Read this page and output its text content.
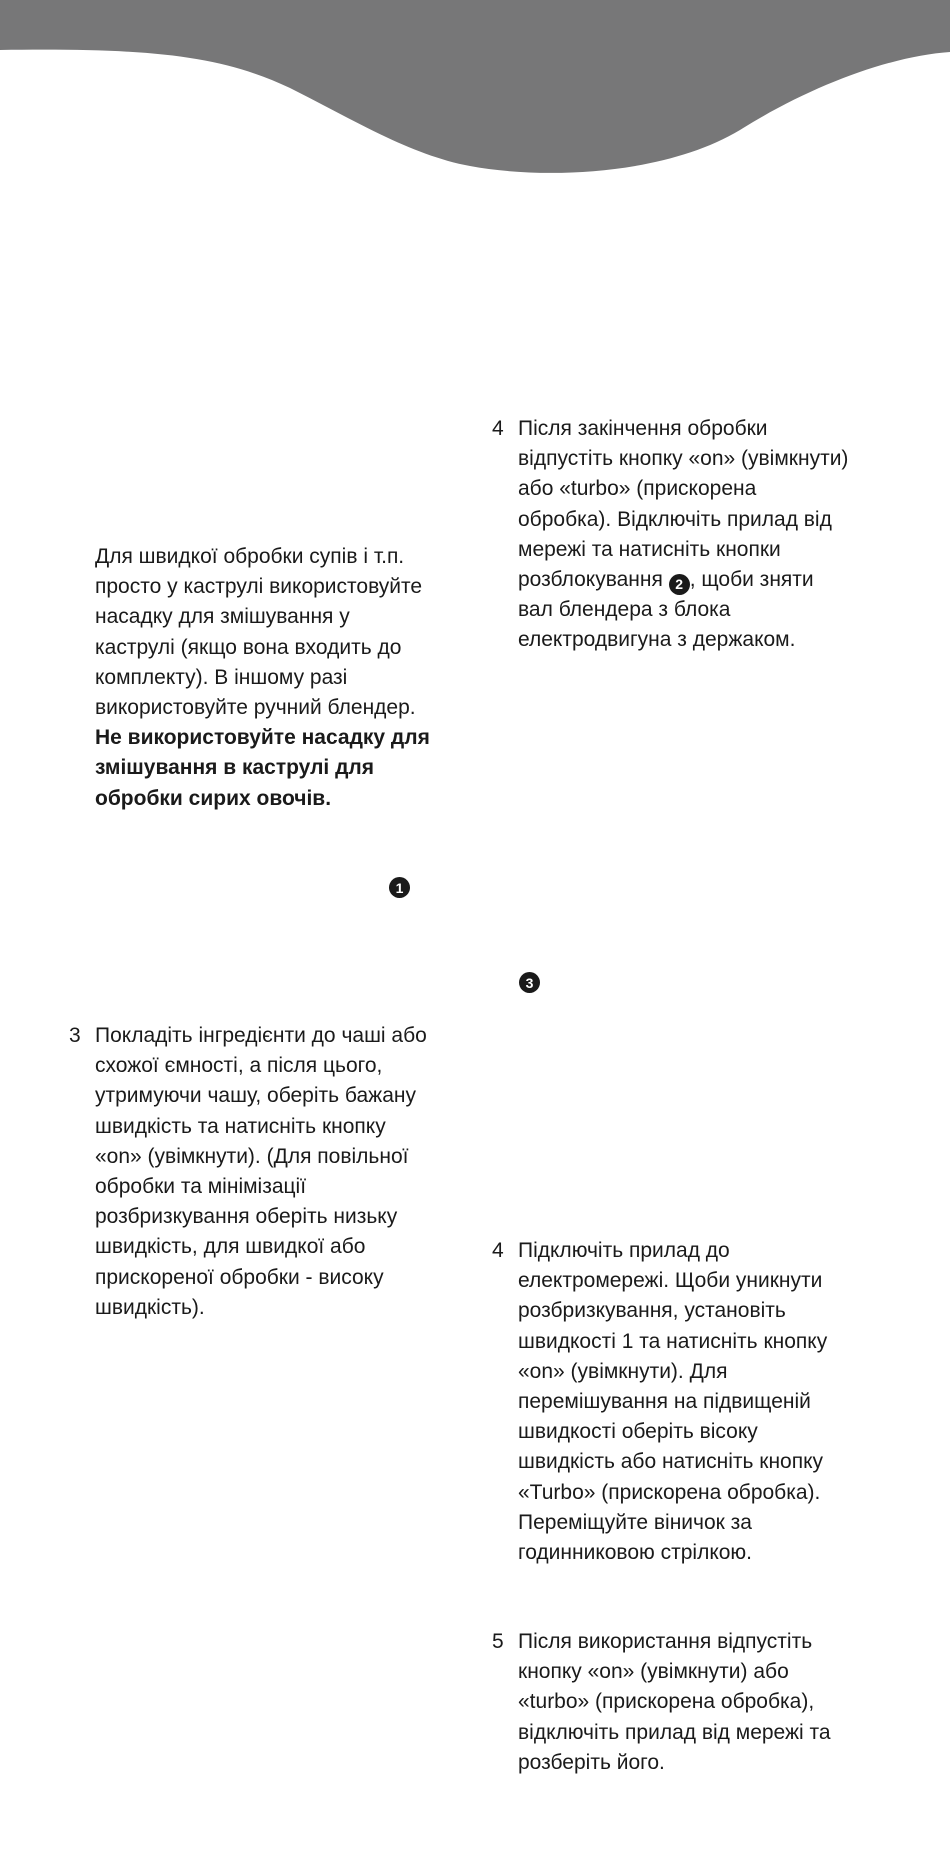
Для швидкої обробки супів і т.п.
просто у каструлі використовуйте
насадку для змішування у
каструлі (якщо вона входить до
комплекту). В іншому разі
використовуйте ручний блендер.
Не використовуйте насадку для
змішування в каструлі для
обробки сирих овочів.
1
3
3 Покладіть інгредієнти до чаші або
схожої ємності, а після цього,
утримуючи чашу, оберіть бажану
швидкість та натисніть кнопку
«on» (увімкнути). (Для повільної
обробки та мінімізації
розбризкування оберіть низьку
швидкість, для швидкої або
прискореної обробки - високу
швидкість).
4 Після закінчення обробки
відпустіть кнопку «on» (увімкнути)
або «turbo» (прискорена
обробка). Відключіть прилад від
мережі та натисніть кнопки
розблокування 2 , щоби зняти
вал блендера з блока
електродвигуна з держаком.
4 Підключіть прилад до
електромережі. Щоби уникнути
розбризкування, установіть
швидкості 1 та натисніть кнопку
«on» (увімкнути). Для
перемішування на підвищеній
швидкості оберіть вісоку
швидкість або натисніть кнопку
«Turbo» (прискорена обробка).
Переміщуйте віничок за
годинниковою стрілкою.
5 Після використання відпустіть
кнопку «on» (увімкнути) або
«turbo» (прискорена обробка),
відключіть прилад від мережі та
розберіть його.
